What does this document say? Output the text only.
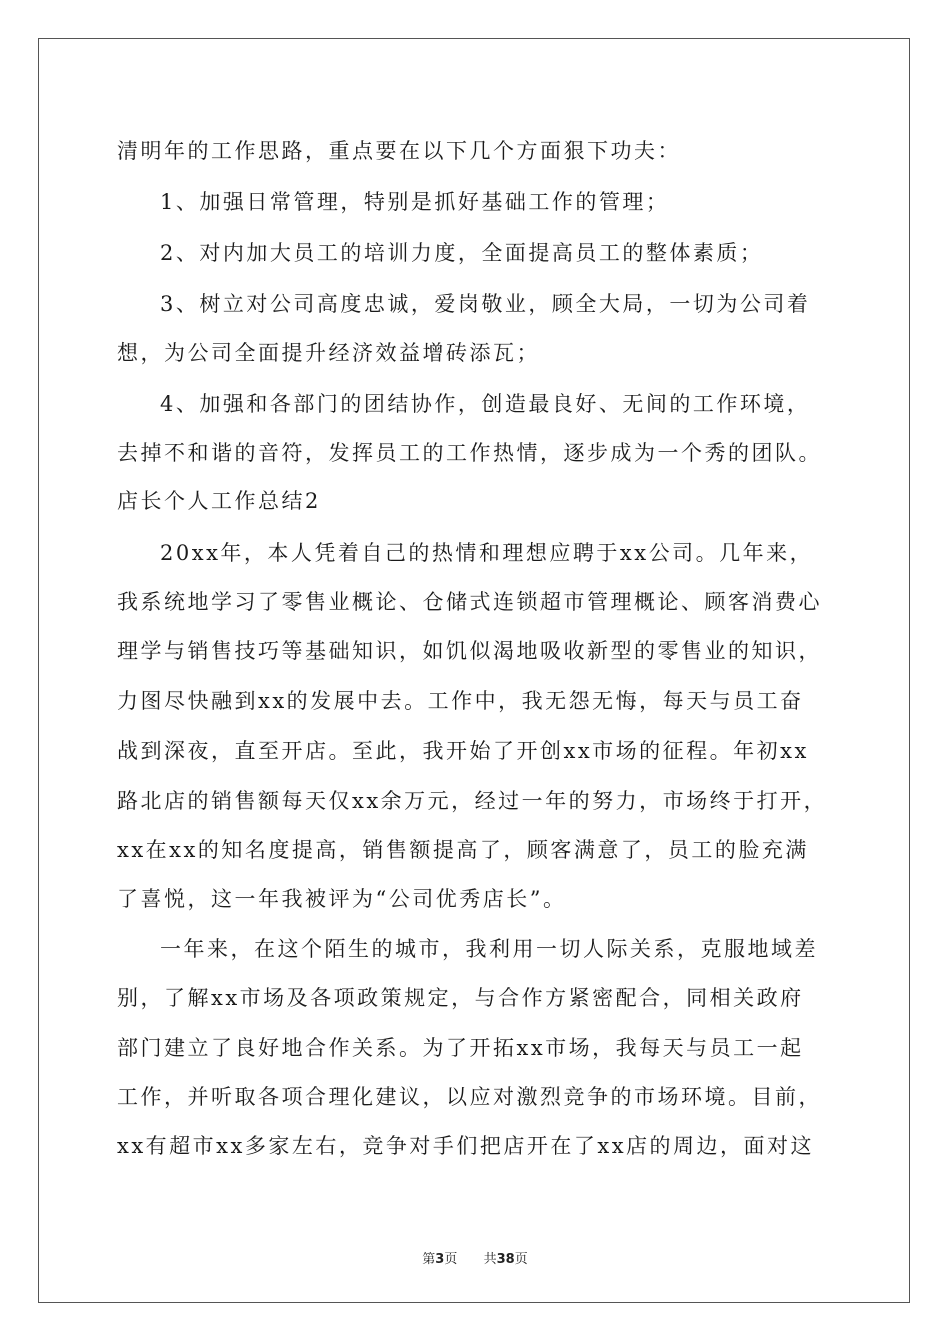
清明年的工作思路，重点要在以下几个方面狠下功夫：
1、加强日常管理，特别是抓好基础工作的管理；
2、对内加大员工的培训力度，全面提高员工的整体素质；
3、树立对公司高度忠诚，爱岗敬业，顾全大局，一切为公司着
想，为公司全面提升经济效益增砖添瓦；
4、加强和各部门的团结协作，创造最良好、无间的工作环境，
去掉不和谐的音符，发挥员工的工作热情，逐步成为一个秀的团队。
店长个人工作总结2
20xx年，本人凭着自己的热情和理想应聘于xx公司。几年来，
我系统地学习了零售业概论、仓储式连锁超市管理概论、顾客消费心
理学与销售技巧等基础知识，如饥似渴地吸收新型的零售业的知识，
力图尽快融到xx的发展中去。工作中，我无怨无悔，每天与员工奋
战到深夜，直至开店。至此，我开始了开创xx市场的征程。年初xx
路北店的销售额每天仅xx余万元，经过一年的努力，市场终于打开，
xx在xx的知名度提高，销售额提高了，顾客满意了，员工的脸充满
了喜悦，这一年我被评为“公司优秀店长”。
一年来，在这个陌生的城市，我利用一切人际关系，克服地域差
别，了解xx市场及各项政策规定，与合作方紧密配合，同相关政府
部门建立了良好地合作关系。为了开拓xx市场，我每天与员工一起
工作，并听取各项合理化建议，以应对激烈竞争的市场环境。目前，
xx有超市xx多家左右，竞争对手们把店开在了xx店的周边，面对这
第3页 共38页
